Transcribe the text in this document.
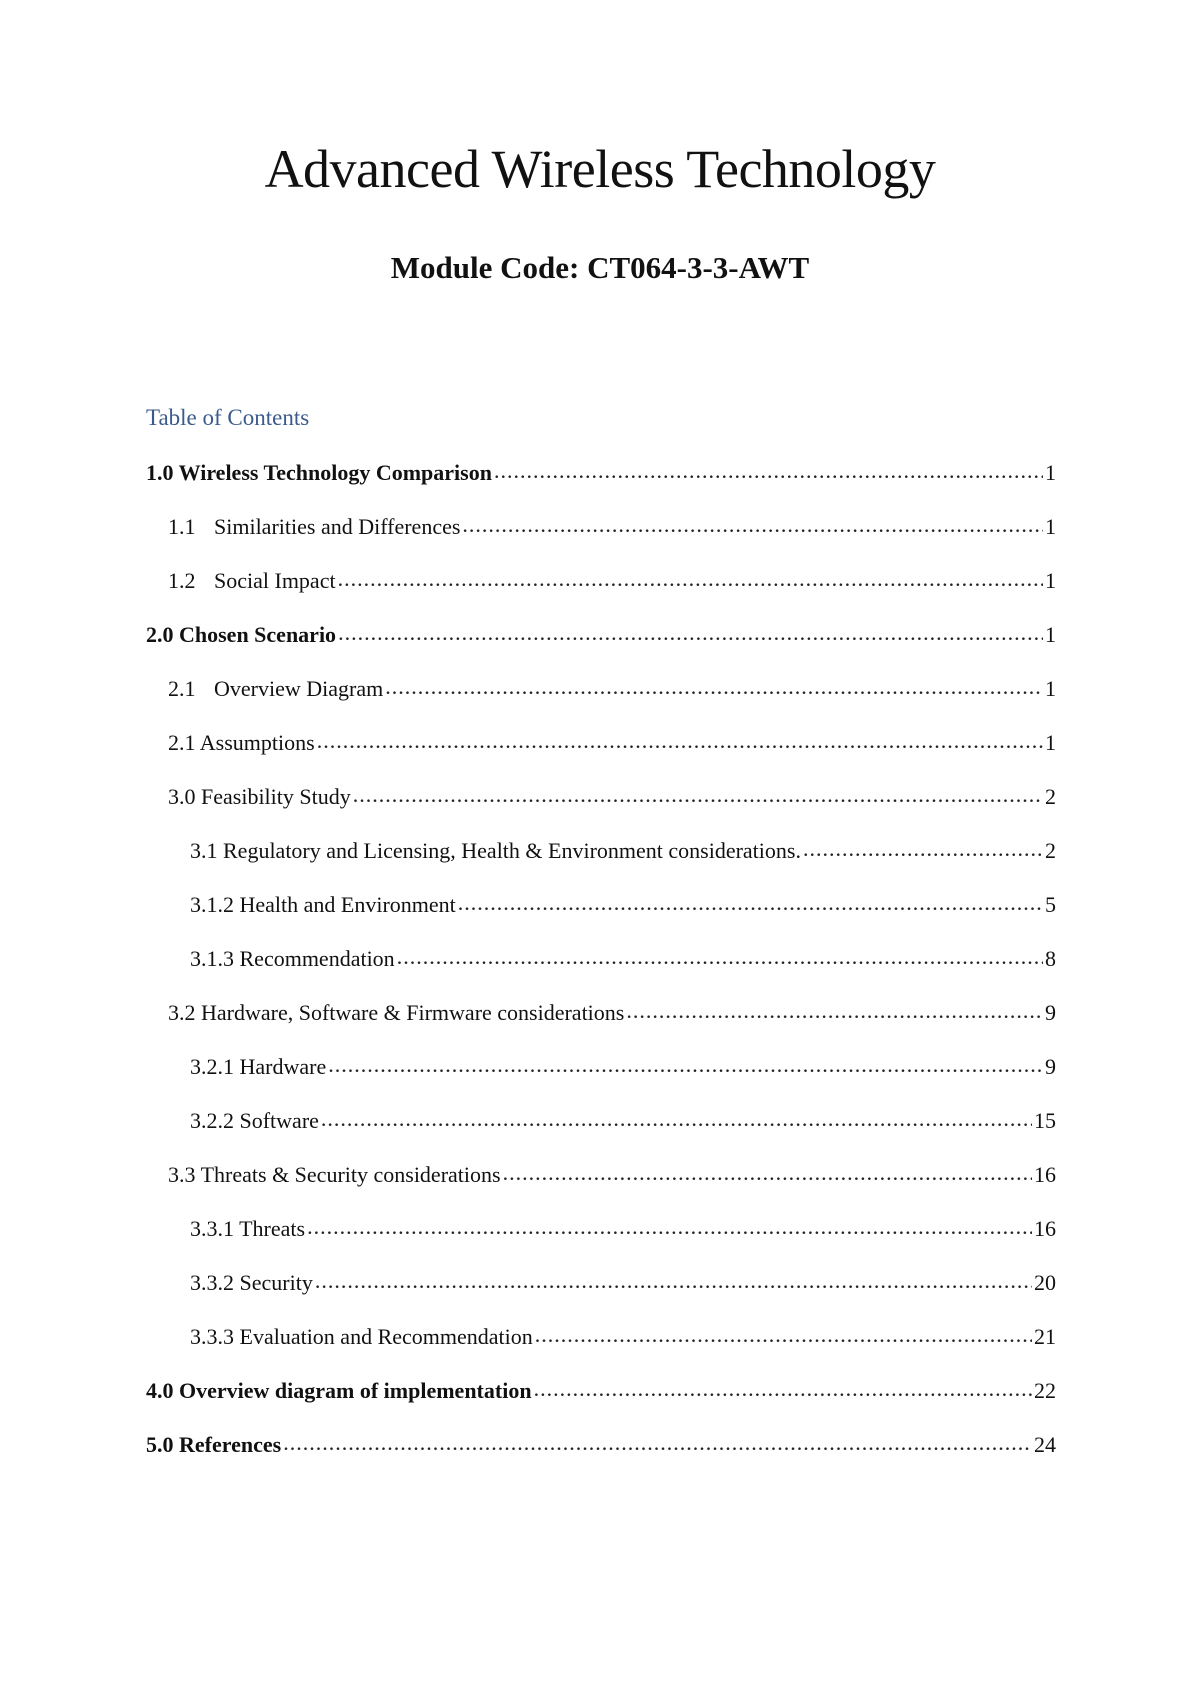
Advanced Wireless Technology
Module Code: CT064-3-3-AWT
Table of Contents
1.0 Wireless Technology Comparison .....	1
1.1 Similarities and Differences .....	1
1.2 Social Impact .....	1
2.0 Chosen Scenario .....	1
2.1 Overview Diagram .....	1
2.1 Assumptions .....	1
3.0 Feasibility Study .....	2
3.1 Regulatory and Licensing, Health & Environment considerations. .....	2
3.1.2 Health and Environment .....	5
3.1.3 Recommendation .....	8
3.2 Hardware, Software & Firmware considerations .....	9
3.2.1 Hardware .....	9
3.2.2 Software .....	15
3.3 Threats & Security considerations .....	16
3.3.1 Threats .....	16
3.3.2 Security .....	20
3.3.3 Evaluation and Recommendation .....	21
4.0 Overview diagram of implementation .....	22
5.0 References .....	24
